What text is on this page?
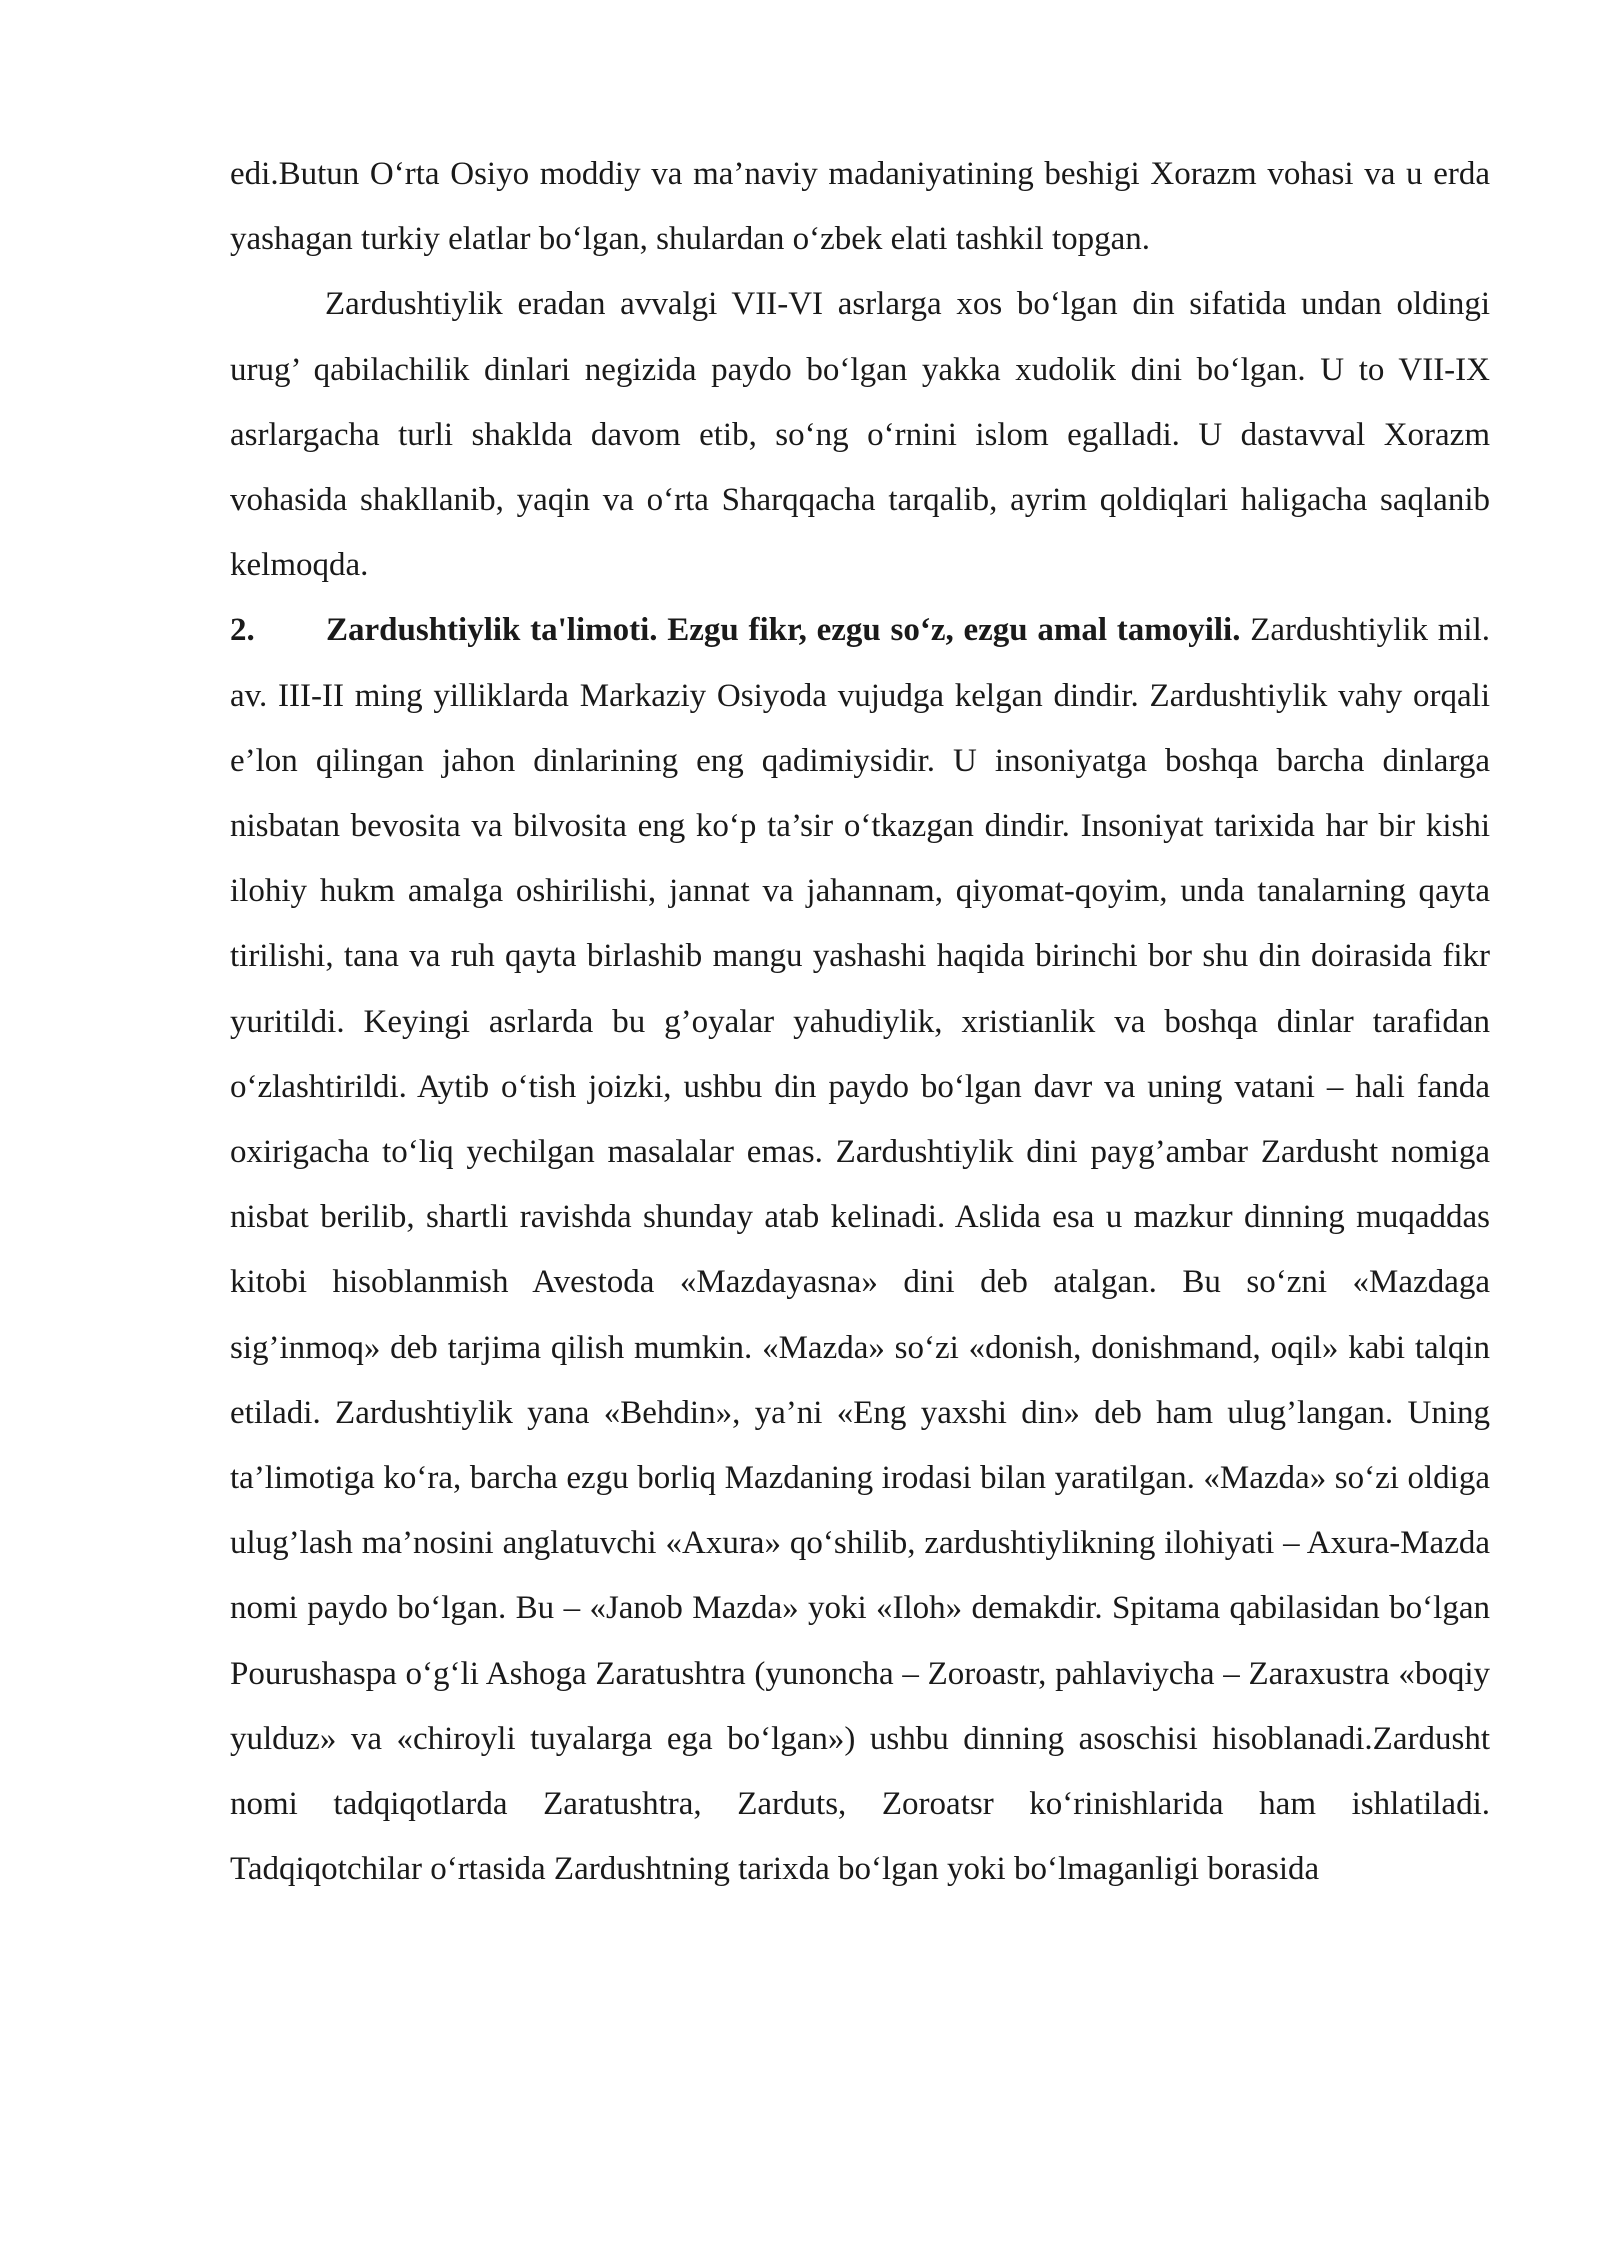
edi.Butun O‘rta Osiyo moddiy va ma’naviy madaniyatining beshigi Xorazm vohasi va u erda yashagan turkiy elatlar bo‘lgan, shulardan o‘zbek elati tashkil topgan.

Zardushtiylik eradan avvalgi VII-VI asrlarga xos bo‘lgan din sifatida undan oldingi urug’ qabilachilik dinlari negizida paydo bo‘lgan yakka xudolik dini bo‘lgan. U to VII-IX asrlargacha turli shaklda davom etib, so‘ng o‘rnini islom egalladi. U dastavval Xorazm vohasida shakllanib, yaqin va o‘rta Sharqqacha tarqalib, ayrim qoldiqlari haligacha saqlanib kelmoqda.

2. Zardushtiylik ta'limoti. Ezgu fikr, ezgu so‘z, ezgu amal tamoyili. Zardushtiylik mil. av. III-II ming yilliklarda Markaziy Osiyoda vujudga kelgan dindir. Zardushtiylik vahy orqali e’lon qilingan jahon dinlarining eng qadimiysidir. U insoniyatga boshqa barcha dinlarga nisbatan bevosita va bilvosita eng ko‘p ta’sir o‘tkazgan dindir. Insoniyat tarixida har bir kishi ilohiy hukm amalga oshirilishi, jannat va jahannam, qiyomat-qoyim, unda tanalarning qayta tirilishi, tana va ruh qayta birlashib mangu yashashi haqida birinchi bor shu din doirasida fikr yuritildi. Keyingi asrlarda bu g’oyalar yahudiylik, xristianlik va boshqa dinlar tarafidan o‘zlashtirildi. Aytib o‘tish joizki, ushbu din paydo bo‘lgan davr va uning vatani – hali fanda oxirigacha to‘liq yechilgan masalalar emas. Zardushtiylik dini payg’ambar Zardusht nomiga nisbat berilib, shartli ravishda shunday atab kelinadi. Aslida esa u mazkur dinning muqaddas kitobi hisoblanmish Avestoda «Mazdayasna» dini deb atalgan. Bu so‘zni «Mazdaga sig’inmoq» deb tarjima qilish mumkin. «Mazda» so‘zi «donish, donishmand, oqil» kabi talqin etiladi. Zardushtiylik yana «Behdin», ya’ni «Eng yaxshi din» deb ham ulug’langan. Uning ta’limotiga ko‘ra, barcha ezgu borliq Mazdaning irodasi bilan yaratilgan. «Mazda» so‘zi oldiga ulug’lash ma’nosini anglatuvchi «Axura» qo‘shilib, zardushtiylikning ilohiyati – Axura-Mazda nomi paydo bo‘lgan. Bu – «Janob Mazda» yoki «Iloh» demakdir. Spitama qabilasidan bo‘lgan Pourushaspa o‘g‘li Ashoga Zaratushtra (yunoncha – Zoroastr, pahlaviycha – Zaraxustra «boqiy yulduz» va «chiroyli tuyalarga ega bo‘lgan») ushbu dinning asoschisi hisoblanadi.Zardusht nomi tadqiqotlarda Zaratushtra, Zarduts, Zoroatsr ko‘rinishlarida ham ishlatiladi. Tadqiqotchilar o‘rtasida Zardushtning tarixda bo‘lgan yoki bo‘lmaganligi borasida
